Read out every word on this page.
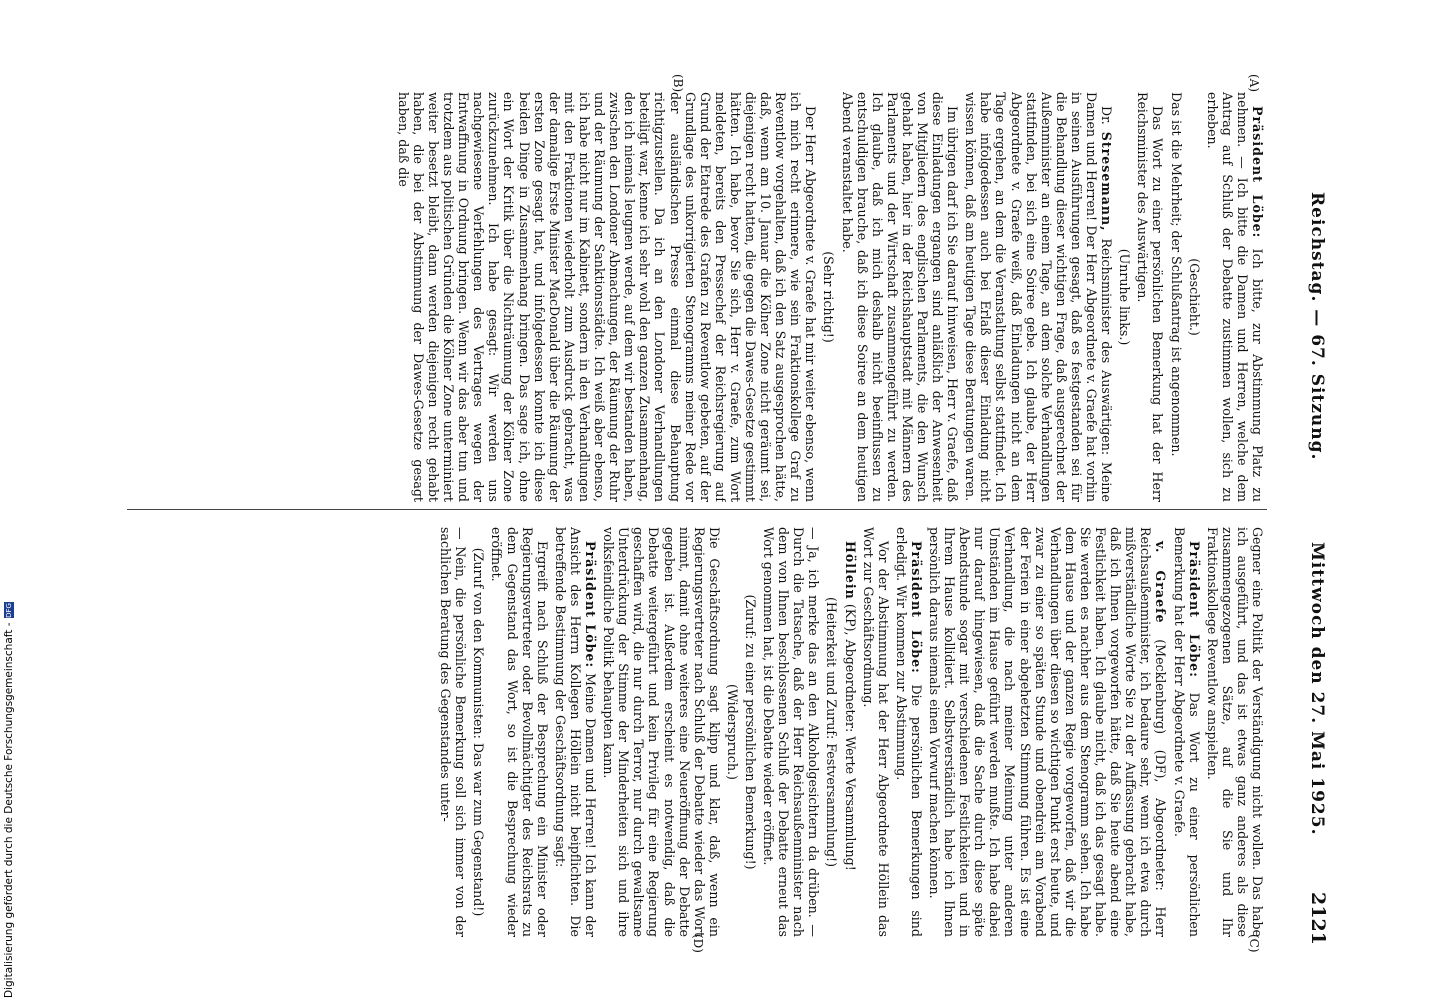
Reichstag. — 67. Sitzung.
Mittwoch den 27. Mai 1925.
2121
(A)
(B)
(C)
(D)

Präsident Löbe: Ich bitte, zur Abstimmung Platz zu nehmen. — Ich bitte die Damen und Herren, welche dem Antrag auf Schluß der Debatte zustimmen wollen, sich zu erheben.

(Geschieht.)

Das ist die Mehrheit; der Schlußantrag ist angenommen.

Das Wort zu einer persönlichen Bemerkung hat der Herr Reichsminister des Auswärtigen.

(Unruhe links.)

Dr. Stresemann, Reichsminister des Auswärtigen: Meine Damen und Herren! Der Herr Abgeordnete v. Graefe hat vorhin in seinen Ausführungen gesagt, daß es festgestanden sei für die Behandlung dieser wichtigen Frage, daß ausgerechnet der Außenminister an einem Tage, an dem solche Verhandlungen stattfinden, bei sich eine Soiree gebe. Ich glaube, der Herr Abgeordnete v. Graefe weiß, daß Einladungen nicht an dem Tage ergehen, an dem die Veranstaltung selbst stattfindet. Ich habe infolgedessen auch bei Erlaß dieser Einladung nicht wissen können, daß am heutigen Tage diese Beratungen waren.

Im übrigen darf ich Sie darauf hinweisen, Herr v. Graefe, daß diese Einladungen ergangen sind anläßlich der Anwesenheit von Mitgliedern des englischen Parlaments, die den Wunsch gehabt haben, hier in der Reichshauptstadt mit Männern des Parlaments und der Wirtschaft zusammengeführt zu werden. Ich glaube, daß ich mich deshalb nicht beeinflussen zu entschuldigen brauche, daß ich diese Soiree an dem heutigen Abend veranstaltet habe.

(Sehr richtig!)

Der Herr Abgeordnete v. Graefe hat mir weiter ebenso, wenn ich mich recht erinnere, wie sein Fraktionskollege Graf zu Reventlow vorgehalten, daß ich den Satz ausgesprochen hätte, daß, wenn am 10. Januar die Kölner Zone nicht geräumt sei, diejenigen recht hatten, die gegen die Dawes-Gesetze gestimmt hätten. Ich habe, bevor Sie sich, Herr v. Graefe, zum Wort meldeten, bereits den Pressechef der Reichsregierung auf Grund der Etatrede des Grafen zu Reventlow gebeten, auf der Grundlage des unkorrigierten Stenogramms meiner Rede vor der ausländischen Presse einmal diese Behauptung richtigzustellen. Da ich an den Londoner Verhandlungen beteiligt war, kenne ich sehr wohl den ganzen Zusammenhang, den ich niemals leugnen werde, auf dem wir bestanden haben, zwischen den Londoner Abmachungen, der Räumung der Ruhr und der Räumung der Sanktionsstädte. Ich weiß aber ebenso, ich habe nicht nur im Kabinett, sondern in den Verhandlungen mit den Fraktionen wiederholt zum Ausdruck gebracht, was der damalige Erste Minister MacDonald über die Räumung der ersten Zone gesagt hat, und infolgedessen konnte ich diese beiden Dinge in Zusammenhang bringen. Das sage ich, ohne ein Wort der Kritik über die Nichträumung der Kölner Zone zurückzunehmen. Ich habe gesagt: Wir werden uns nachgewiesene Verfehlungen des Vertrages wegen der Entwaffnung in Ordnung bringen. Wenn wir das aber tun und trotzdem aus politischen Gründen die Kölner Zone unterminiert weiter besetzt bleibt, dann werden diejenigen recht gehabt haben, die bei der Abstimmung der Dawes-Gesetze gesagt haben, daß die

Gegner eine Politik der Verständigung nicht wollen. Das habe ich ausgeführt, und das ist etwas ganz anderes als diese zusammengezogenen Sätze, auf die Sie und Ihr Fraktionskollege Reventlow anspielten.

Präsident Löbe: Das Wort zu einer persönlichen Bemerkung hat der Herr Abgeordnete v. Graefe.

v. Graefe (Mecklenburg) (DF), Abgeordneter: Herr Reichsaußenminister, ich bedaure sehr, wenn ich etwa durch mißverständliche Worte Sie zu der Auffassung gebracht habe, daß ich Ihnen vorgeworfen hätte, daß Sie heute abend eine Festlichkeit haben. Ich glaube nicht, daß ich das gesagt habe. Sie werden es nachher aus dem Stenogramm sehen. Ich habe dem Hause und der ganzen Regie vorgeworfen, daß wir die Verhandlungen über diesen so wichtigen Punkt erst heute, und zwar zu einer so späten Stunde und obendrein am Vorabend der Ferien in einer abgehetzten Stimmung führen. Es ist eine Verhandlung, die nach meiner Meinung unter anderen Umständen im Hause geführt werden mußte. Ich habe dabei nur darauf hingewiesen, daß die Sache durch diese späte Abendstunde sogar mit verschiedenen Festlichkeiten und in Ihrem Hause kollidiert. Selbstverständlich habe ich Ihnen persönlich daraus niemals einen Vorwurf machen können.

Präsident Löbe: Die persönlichen Bemerkungen sind erledigt. Wir kommen zur Abstimmung.

Vor der Abstimmung hat der Herr Abgeordnete Höllein das Wort zur Geschäftsordnung.

Höllein (KP), Abgeordneter: Werte Versammlung!

(Heiterkeit und Zuruf: Festversammlung!)

— Ja, ich merke das an den Alkoholgesichtern da drüben. — Durch die Tatsache, daß der Herr Reichsaußenminister nach dem von Ihnen beschlossenen Schluß der Debatte erneut das Wort genommen hat, ist die Debatte wieder eröffnet.

(Zuruf: zu einer persönlichen Bemerkung!)

(Widerspruch.)

Die Geschäftsordnung sagt klipp und klar, daß, wenn ein Regierungsvertreter nach Schluß der Debatte wieder das Wort nimmt, damit ohne weiteres eine Neueröffnung der Debatte gegeben ist. Außerdem erscheint es notwendig, daß die Debatte weitergeführt und kein Privileg für eine Regierung geschaffen wird, die nur durch Terror, nur durch gewaltsame Unterdrückung der Stimme der Minderheiten sich und ihre volksfeindliche Politik behaupten kann.

Präsident Löbe: Meine Damen und Herren! Ich kann der Ansicht des Herrn Kollegen Höllein nicht beipflichten. Die betreffende Bestimmung der Geschäftsordnung sagt:

Ergreift nach Schluß der Besprechung ein Minister oder Regierungsvertreter oder Bevollmächtigter des Reichsrats zu dem Gegenstand das Wort, so ist die Besprechung wieder eröffnet.

(Zuruf von den Kommunisten: Das war zum Gegenstand!)

— Nein, die persönliche Bemerkung soll sich immer von der sachlichen Beratung des Gegenstandes unter-

Digitalisierung gefördert durch die Deutsche Forschungsgemeinschaft -DFG
